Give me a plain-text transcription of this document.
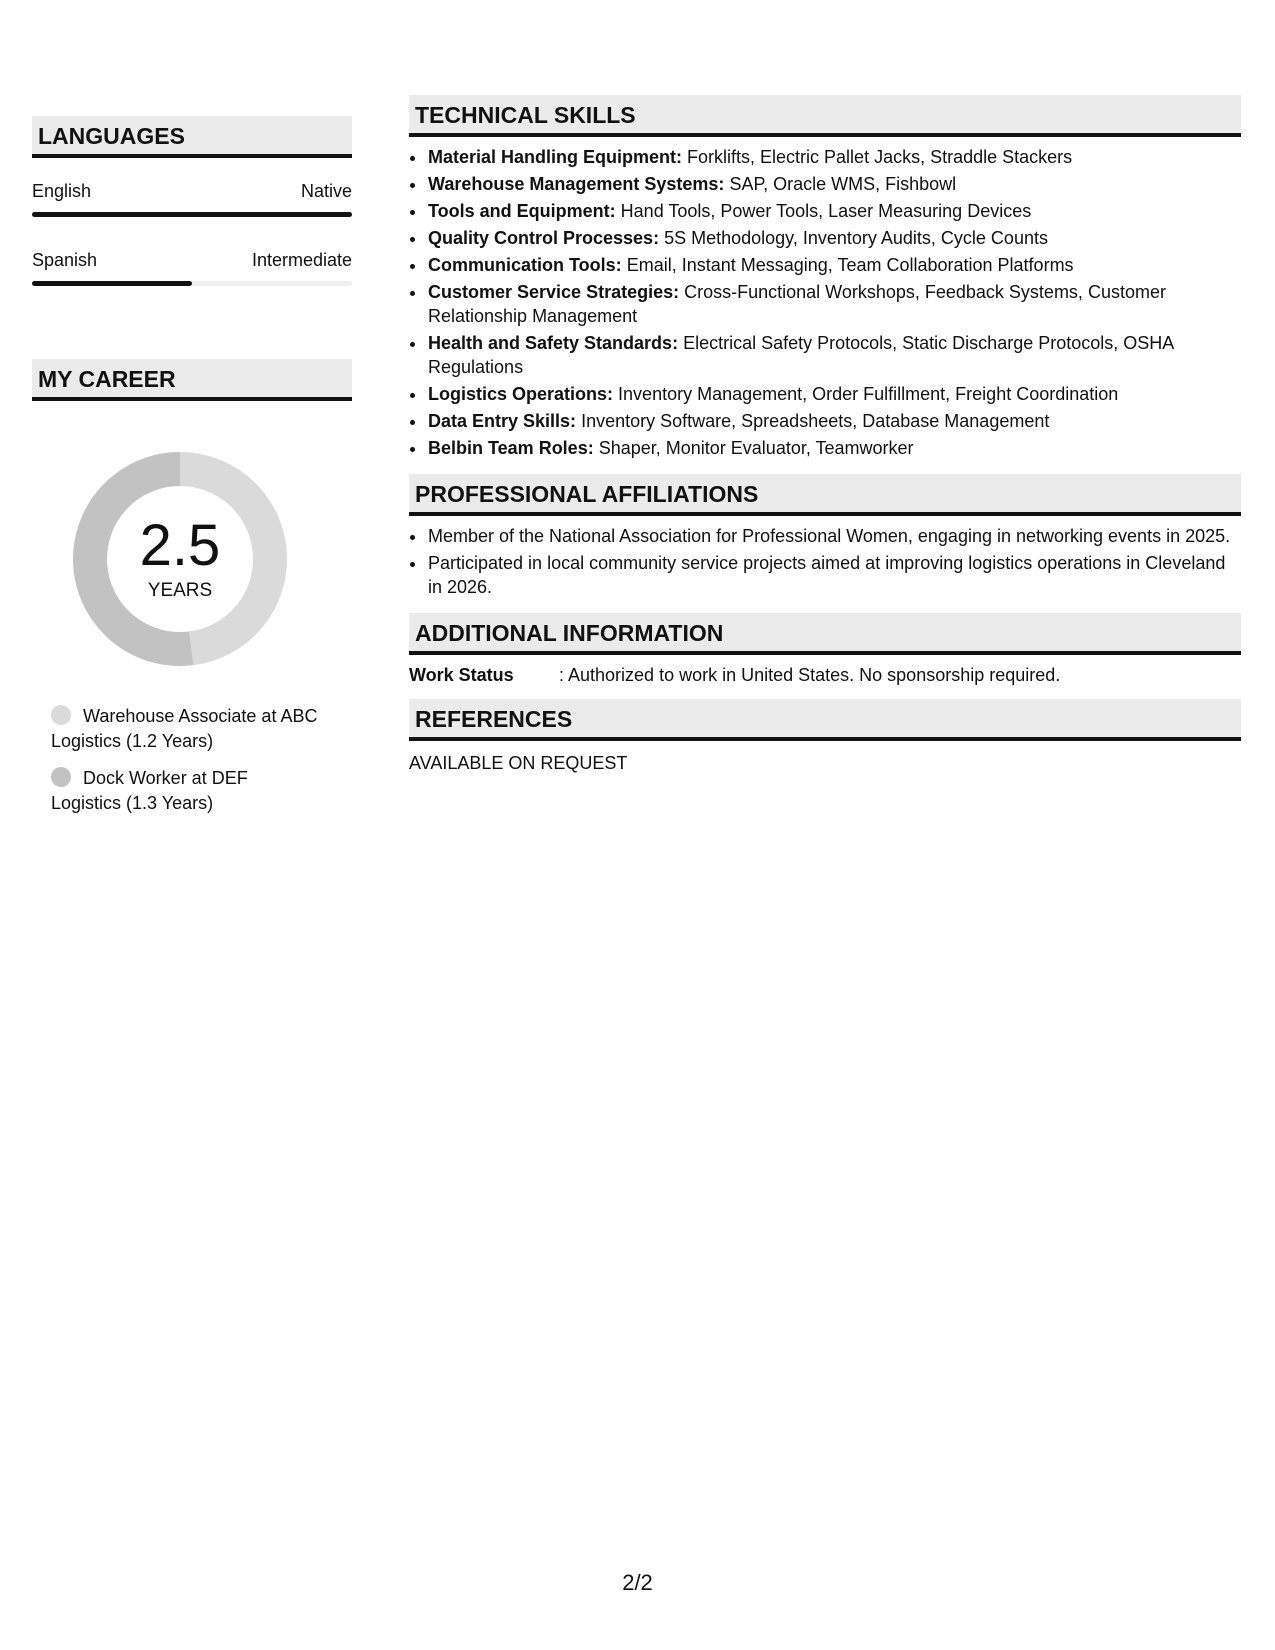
LANGUAGES
English	Native
Spanish	Intermediate
MY CAREER
2.5
YEARS
Warehouse Associate at ABC Logistics (1.2 Years)
Dock Worker at DEF Logistics (1.3 Years)
TECHNICAL SKILLS
• Material Handling Equipment: Forklifts, Electric Pallet Jacks, Straddle Stackers
• Warehouse Management Systems: SAP, Oracle WMS, Fishbowl
• Tools and Equipment: Hand Tools, Power Tools, Laser Measuring Devices
• Quality Control Processes: 5S Methodology, Inventory Audits, Cycle Counts
• Communication Tools: Email, Instant Messaging, Team Collaboration Platforms
• Customer Service Strategies: Cross-Functional Workshops, Feedback Systems, Customer Relationship Management
• Health and Safety Standards: Electrical Safety Protocols, Static Discharge Protocols, OSHA Regulations
• Logistics Operations: Inventory Management, Order Fulfillment, Freight Coordination
• Data Entry Skills: Inventory Software, Spreadsheets, Database Management
• Belbin Team Roles: Shaper, Monitor Evaluator, Teamworker
PROFESSIONAL AFFILIATIONS
• Member of the National Association for Professional Women, engaging in networking events in 2025.
• Participated in local community service projects aimed at improving logistics operations in Cleveland in 2026.
ADDITIONAL INFORMATION
Work Status	: Authorized to work in United States. No sponsorship required.
REFERENCES
AVAILABLE ON REQUEST
2/2
